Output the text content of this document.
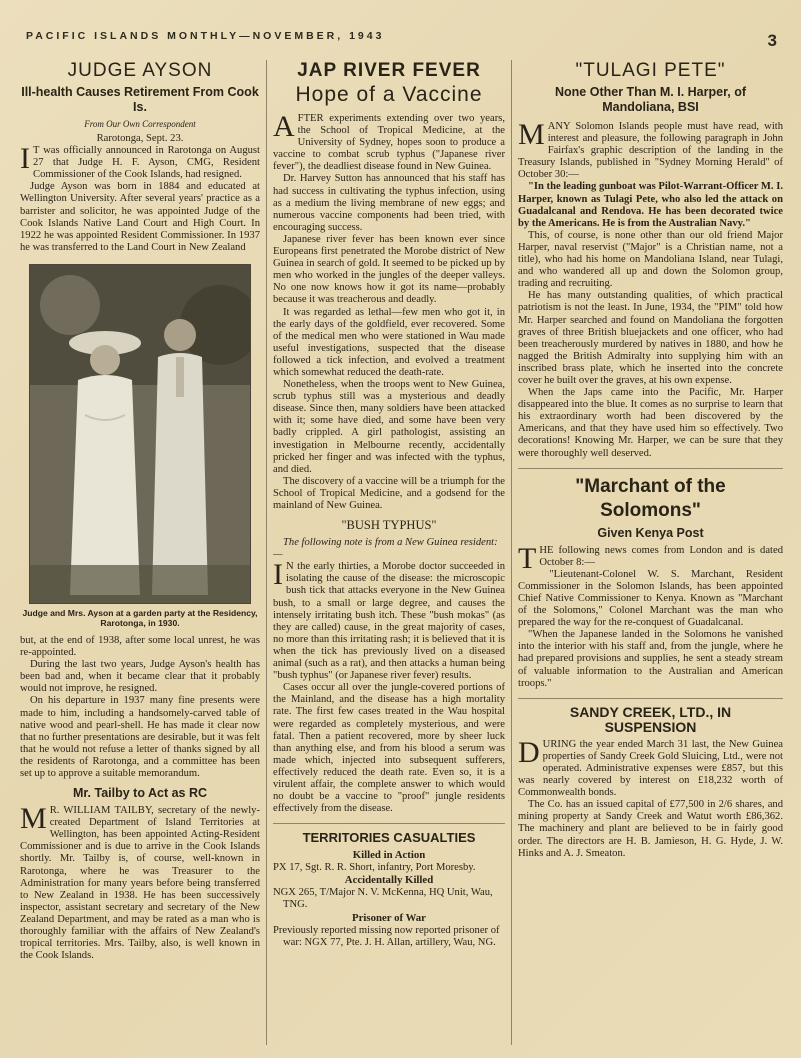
PACIFIC ISLANDS MONTHLY—NOVEMBER, 1943	3
JUDGE AYSON
Ill-health Causes Retirement From Cook Is.
From Our Own Correspondent
Rarotonga, Sept. 23.

I T was officially announced in Rarotonga on August 27 that Judge H. F. Ayson, CMG, Resident Commissioner of the Cook Islands, had resigned.

Judge Ayson was born in 1884 and educated at Wellington University. After several years' practice as a barrister and solicitor, he was appointed Judge of the Cook Islands Native Land Court and High Court. In 1922 he was appointed Resident Commissioner. In 1937 he was transferred to the Land Court in New Zealand

Judge and Mrs. Ayson at a garden party at the Residency, Rarotonga, in 1930.

but, at the end of 1938, after some local unrest, he was re-appointed.

During the last two years, Judge Ayson's health has been bad and, when it became clear that it probably would not improve, he resigned.

On his departure in 1937 many fine presents were made to him, including a handsomely-carved table of native wood and pearl-shell. He has made it clear now that no further presentations are desirable, but it was felt that he would not refuse a letter of thanks signed by all the residents of Rarotonga, and a committee has been set up to approve a suitable memorandum.

Mr. Tailby to Act as RC

M R. WILLIAM TAILBY, secretary of the newly-created Department of Island Territories at Wellington, has been appointed Acting-Resident Commissioner and is due to arrive in the Cook Islands shortly. Mr. Tailby is, of course, well-known in Rarotonga, where he was Treasurer to the Administration for many years before being transferred to New Zealand in 1938. He has been successively inspector, assistant secretary and secretary of the New Zealand Department, and may be rated as a man who is thoroughly familiar with the affairs of New Zealand's tropical territories. Mrs. Tailby, also, is well known in the Cook Islands.

JAP RIVER FEVER
Hope of a Vaccine

AFTER experiments extending over two years, the School of Tropical Medicine, at the University of Sydney, hopes soon to produce a vaccine to combat scrub typhus ("Japanese river fever"), the deadliest disease found in New Guinea.

Dr. Harvey Sutton has announced that his staff has had success in cultivating the typhus infection, using as a medium the living membrane of new eggs; and numerous vaccine components had been tried, with encouraging success.

Japanese river fever has been known ever since Europeans first penetrated the Morobe district of New Guinea in search of gold. It seemed to be picked up by men who worked in the jungles of the deeper valleys. No one now knows how it got its name—probably because it was treacherous and deadly.

It was regarded as lethal—few men who got it, in the early days of the goldfield, ever recovered. Some of the medical men who were stationed in Wau made useful investigations, suspected that the disease followed a tick infection, and evolved a treatment which somewhat reduced the death-rate.

Nonetheless, when the troops went to New Guinea, scrub typhus still was a mysterious and deadly disease. Since then, many soldiers have been attacked with it; some have died, and some have been very badly crippled. A girl pathologist, assisting an investigation in Melbourne recently, accidentally pricked her finger and was infected with the typhus, and died.

The discovery of a vaccine will be a triumph for the School of Tropical Medicine, and a godsend for the mainland of New Guinea.

"BUSH TYPHUS"

The following note is from a New Guinea resident:—

I N the early thirties, a Morobe doctor succeeded in isolating the cause of the disease: the microscopic bush tick that attacks everyone in the New Guinea bush, to a small or large degree, and causes the intensely irritating bush itch. These "bush mokas" (as they are called) cause, in the great majority of cases, no more than this irritating rash; it is believed that it is when the tick has previously lived on a diseased animal (such as a rat), and then attacks a human being "bush typhus" (or Japanese river fever) results.

Cases occur all over the jungle-covered portions of the Mainland, and the disease has a high mortality rate. The first few cases treated in the Wau hospital were regarded as completely mysterious, and were fatal. Then a patient recovered, more by sheer luck than anything else, and from his blood a serum was made which, injected into subsequent sufferers, effectively reduced the death rate. Even so, it is a virulent affair, the complete answer to which would no doubt be a vaccine to "proof" jungle residents effectively from the disease.

TERRITORIES CASUALTIES
Killed in Action

PX 17, Sgt. R. R. Short, infantry, Port Moresby.

Accidentally Killed

NGX 265, T/Major N. V. McKenna, HQ Unit, Wau, TNG.

Prisoner of War

Previously reported missing now reported prisoner of war: NGX 77, Pte. J. H. Allan, artillery, Wau, NG.

"TULAGI PETE"
None Other Than M. I. Harper, of Mandoliana, BSI

MANY Solomon Islands people must have read, with interest and pleasure, the following paragraph in John Fairfax's graphic description of the landing in the Treasury Islands, published in "Sydney Morning Herald" of October 30:—

"In the leading gunboat was Pilot-Warrant-Officer M. I. Harper, known as Tulagi Pete, who also led the attack on Guadalcanal and Rendova. He has been decorated twice by the Americans. He is from the Australian Navy."

This, of course, is none other than our old friend Major Harper, naval reservist ("Major" is a Christian name, not a title), who had his home on Mandoliana Island, near Tulagi, and who wandered all up and down the Solomon group, trading and recruiting.

He has many outstanding qualities, of which practical patriotism is not the least. In June, 1934, the "PIM" told how Mr. Harper searched and found on Mandoliana the forgotten graves of three British bluejackets and one officer, who had been treacherously murdered by natives in 1880, and how he nagged the British Admiralty into supplying him with an inscribed brass plate, which he inserted into the concrete cover he built over the graves, at his own expense.

When the Japs came into the Pacific, Mr. Harper disappeared into the blue. It comes as no surprise to learn that his extraordinary worth had been discovered by the Americans, and that they have used him so effectively. Two decorations! Knowing Mr. Harper, we can be sure that they were thoroughly well deserved.

"Marchant of the
Solomons"
Given Kenya Post

THE following news comes from London and is dated October 8:—

"Lieutenant-Colonel W. S. Marchant, Resident Commissioner in the Solomon Islands, has been appointed Chief Native Commissioner to Kenya. Known as "Marchant of the Solomons," Colonel Marchant was the man who prepared the way for the re-conquest of Guadalcanal.

"When the Japanese landed in the Solomons he vanished into the interior with his staff and, from the jungle, where he had prepared provisions and supplies, he sent a steady stream of valuable information to the Australian and American troops."

SANDY CREEK, LTD., IN
SUSPENSION

DURING the year ended March 31 last, the New Guinea properties of Sandy Creek Gold Sluicing, Ltd., were not operated. Administrative expenses were £857, but this was nearly covered by interest on £18,232 worth of Commonwealth bonds.

The Co. has an issued capital of £77,500 in 2/6 shares, and mining property at Sandy Creek and Watut worth £86,362. The machinery and plant are believed to be in fairly good order. The directors are H. B. Jamieson, H. G. Hyde, J. W. Hinks and A. J. Smeaton.
